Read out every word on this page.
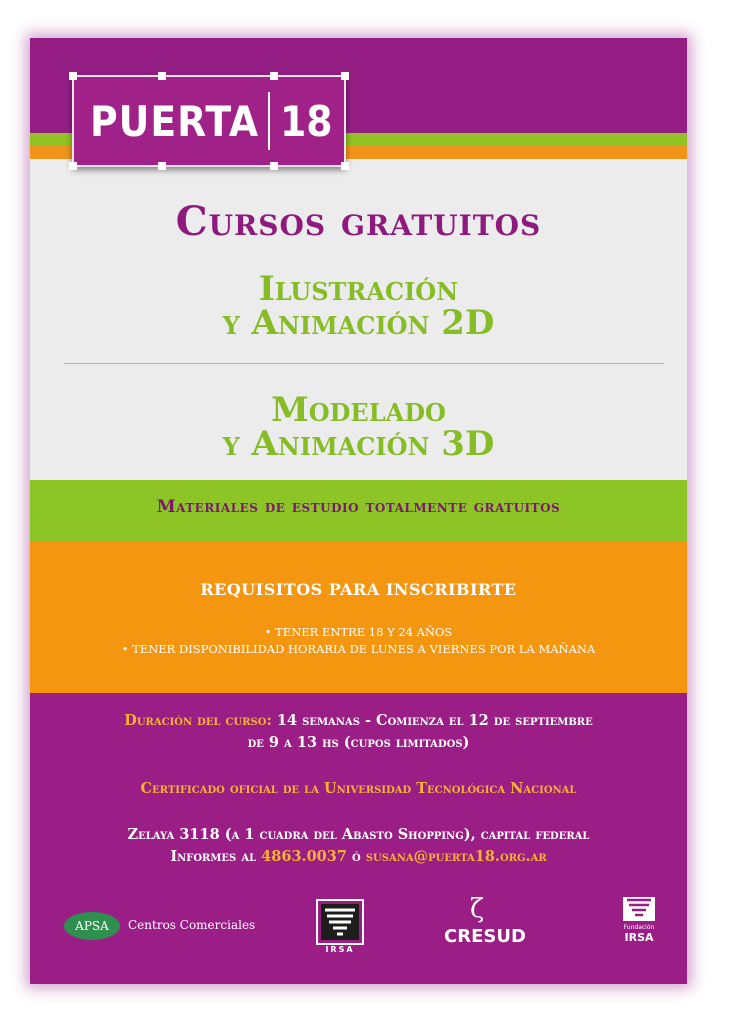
PUERTA 18
Cursos gratuitos
Ilustración
y Animación 2D
Modelado
y Animación 3D
Materiales de estudio totalmente gratuitos
REQUISITOS PARA INSCRIBIRTE
• TENER ENTRE 18 Y 24 AÑOS
• TENER DISPONIBILIDAD HORARIA DE LUNES A VIERNES POR LA MAÑANA
Duración del curso: 14 semanas - Comienza el 12 de septiembre
de 9 a 13 hs (cupos limitados)
Certificado oficial de la Universidad Tecnológica Nacional
Zelaya 3118 (a 1 cuadra del Abasto Shopping), capital federal
Informes al 4863.0037 ó susana@puerta18.org.ar
APSA	Centros Comerciales
IRSA
ζ
CRESUD	Fundación
IRSA
